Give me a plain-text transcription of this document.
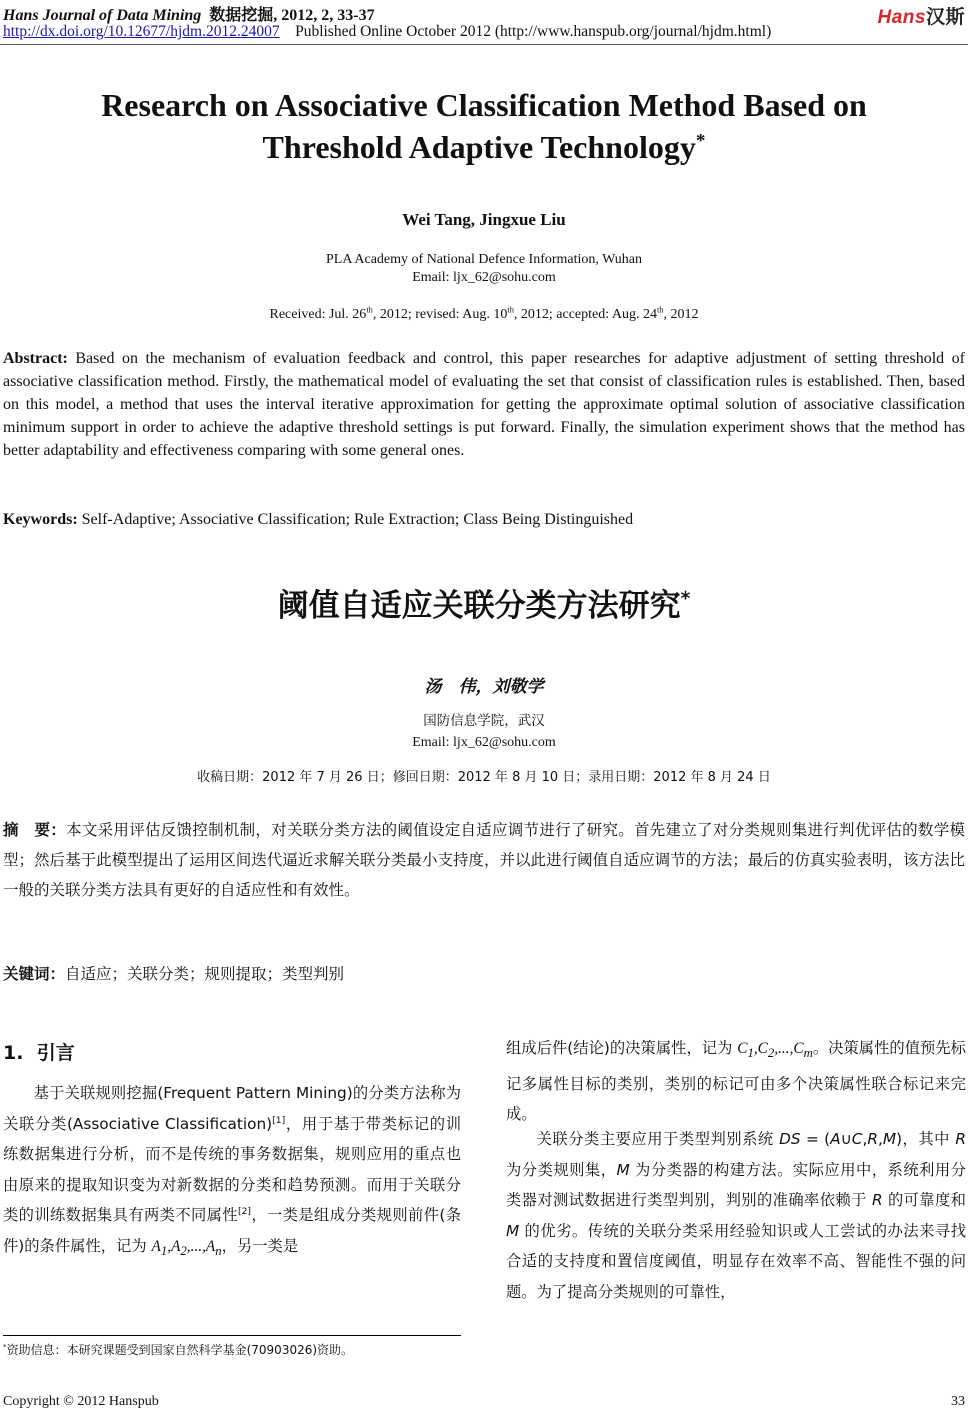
Hans Journal of Data Mining 数据挖掘, 2012, 2, 33-37
http://dx.doi.org/10.12677/hjdm.2012.24007 Published Online October 2012 (http://www.hanspub.org/journal/hjdm.html)
Hans汉斯
Research on Associative Classification Method Based on
Threshold Adaptive Technology*
Wei Tang, Jingxue Liu
PLA Academy of National Defence Information, Wuhan
Email: ljx_62@sohu.com
Received: Jul. 26th, 2012; revised: Aug. 10th, 2012; accepted: Aug. 24th, 2012
Abstract: Based on the mechanism of evaluation feedback and control, this paper researches for adaptive adjustment of setting threshold of associative classification method. Firstly, the mathematical model of evaluating the set that consist of classification rules is established. Then, based on this model, a method that uses the interval iterative approximation for getting the approximate optimal solution of associative classification minimum support in order to achieve the adaptive threshold settings is put forward. Finally, the simulation experiment shows that the method has better adaptability and effectiveness comparing with some general ones.
Keywords: Self-Adaptive; Associative Classification; Rule Extraction; Class Being Distinguished
阈值自适应关联分类方法研究*
汤　伟，刘敬学
国防信息学院，武汉
Email: ljx_62@sohu.com
收稿日期：2012 年 7 月 26 日；修回日期：2012 年 8 月 10 日；录用日期：2012 年 8 月 24 日
摘　要：本文采用评估反馈控制机制，对关联分类方法的阈值设定自适应调节进行了研究。首先建立了对分类规则集进行判优评估的数学模型；然后基于此模型提出了运用区间迭代逼近求解关联分类最小支持度，并以此进行阈值自适应调节的方法；最后的仿真实验表明，该方法比一般的关联分类方法具有更好的自适应性和有效性。
关键词：自适应；关联分类；规则提取；类型判别
1. 引言
基于关联规则挖掘(Frequent Pattern Mining)的分类方法称为关联分类(Associative Classification)[1]，用于基于带类标记的训练数据集进行分析，而不是传统的事务数据集，规则应用的重点也由原来的提取知识变为对新数据的分类和趋势预测。而用于关联分类的训练数据集具有两类不同属性[2]，一类是组成分类规则前件(条件)的条件属性，记为 $A_1,A_2,...,A_n$，另一类是
组成后件(结论)的决策属性，记为 $C_1,C_2,...,C_m$。决策属性的值预先标记多属性目标的类别，类别的标记可由多个决策属性联合标记来完成。
关联分类主要应用于类型判别系统 DS = (A∪C,R,M)，其中 R 为分类规则集，M 为分类器的构建方法。实际应用中，系统利用分类器对测试数据进行类型判别，判别的准确率依赖于 R 的可靠度和 M 的优劣。传统的关联分类采用经验知识或人工尝试的办法来寻找合适的支持度和置信度阈值，明显存在效率不高、智能性不强的问题。为了提高分类规则的可靠性，
*资助信息：本研究课题受到国家自然科学基金(70903026)资助。
Copyright © 2012 Hanspub	33
